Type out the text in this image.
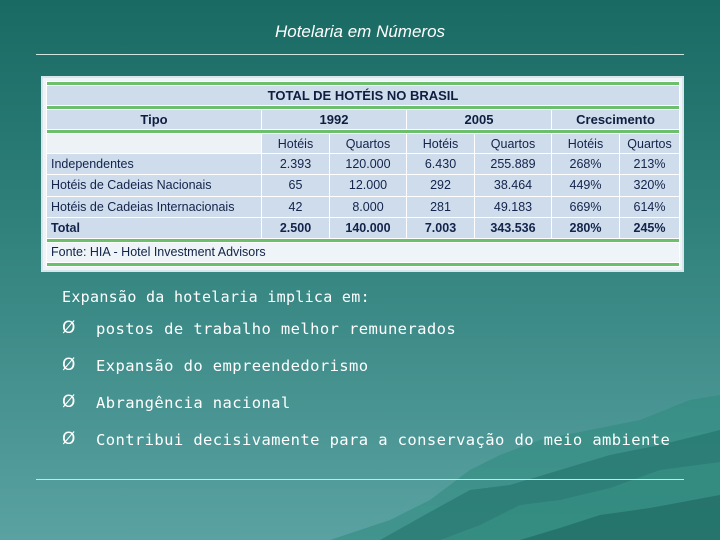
Hotelaria em Números

TOTAL DE HOTÉIS NO BRASIL						

Tipo	1992		2005		Crescimento	

	Hotéis	Quartos	Hotéis	Quartos	Hotéis	Quartos
Independentes	2.393	120.000	6.430	255.889	268%	213%
Hotéis de Cadeias Nacionais	65	12.000	292	38.464	449%	320%
Hotéis de Cadeias Internacionais	42	8.000	281	49.183	669%	614%
Total	2.500	140.000	7.003	343.536	280%	245%

Fonte: HIA - Hotel Investment Advisors						

Expansão da hotelaria implica em:
Ø postos de trabalho melhor remunerados
Ø Expansão do empreendedorismo
Ø Abrangência nacional
Ø Contribui decisivamente para a conservação do meio ambiente
